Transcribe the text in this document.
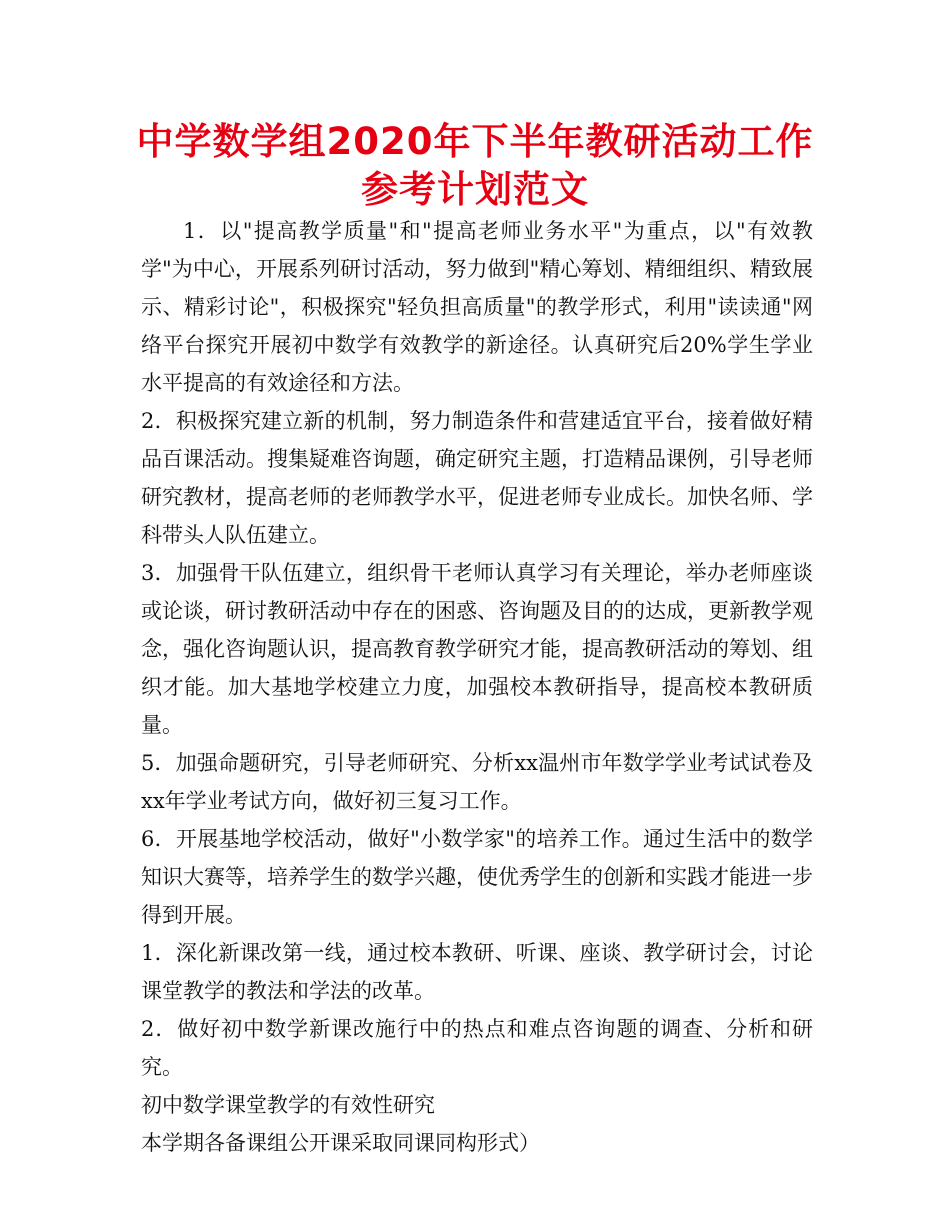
中学数学组2020年下半年教研活动工作参考计划范文

1．以"提高教学质量"和"提高老师业务水平"为重点，以"有效教学"为中心，开展系列研讨活动，努力做到"精心筹划、精细组织、精致展示、精彩讨论"，积极探究"轻负担高质量"的教学形式，利用"读读通"网络平台探究开展初中数学有效教学的新途径。认真研究后20%学生学业水平提高的有效途径和方法。

2．积极探究建立新的机制，努力制造条件和营建适宜平台，接着做好精品百课活动。搜集疑难咨询题，确定研究主题，打造精品课例，引导老师研究教材，提高老师的老师教学水平，促进老师专业成长。加快名师、学科带头人队伍建立。

3．加强骨干队伍建立，组织骨干老师认真学习有关理论，举办老师座谈或论谈，研讨教研活动中存在的困惑、咨询题及目的的达成，更新教学观念，强化咨询题认识，提高教育教学研究才能，提高教研活动的筹划、组织才能。加大基地学校建立力度，加强校本教研指导，提高校本教研质量。

5．加强命题研究，引导老师研究、分析xx温州市年数学学业考试试卷及xx年学业考试方向，做好初三复习工作。

6．开展基地学校活动，做好"小数学家"的培养工作。通过生活中的数学知识大赛等，培养学生的数学兴趣，使优秀学生的创新和实践才能进一步得到开展。

1．深化新课改第一线，通过校本教研、听课、座谈、教学研讨会，讨论课堂教学的教法和学法的改革。

2．做好初中数学新课改施行中的热点和难点咨询题的调查、分析和研究。

初中数学课堂教学的有效性研究

本学期各备课组公开课采取同课同构形式）
